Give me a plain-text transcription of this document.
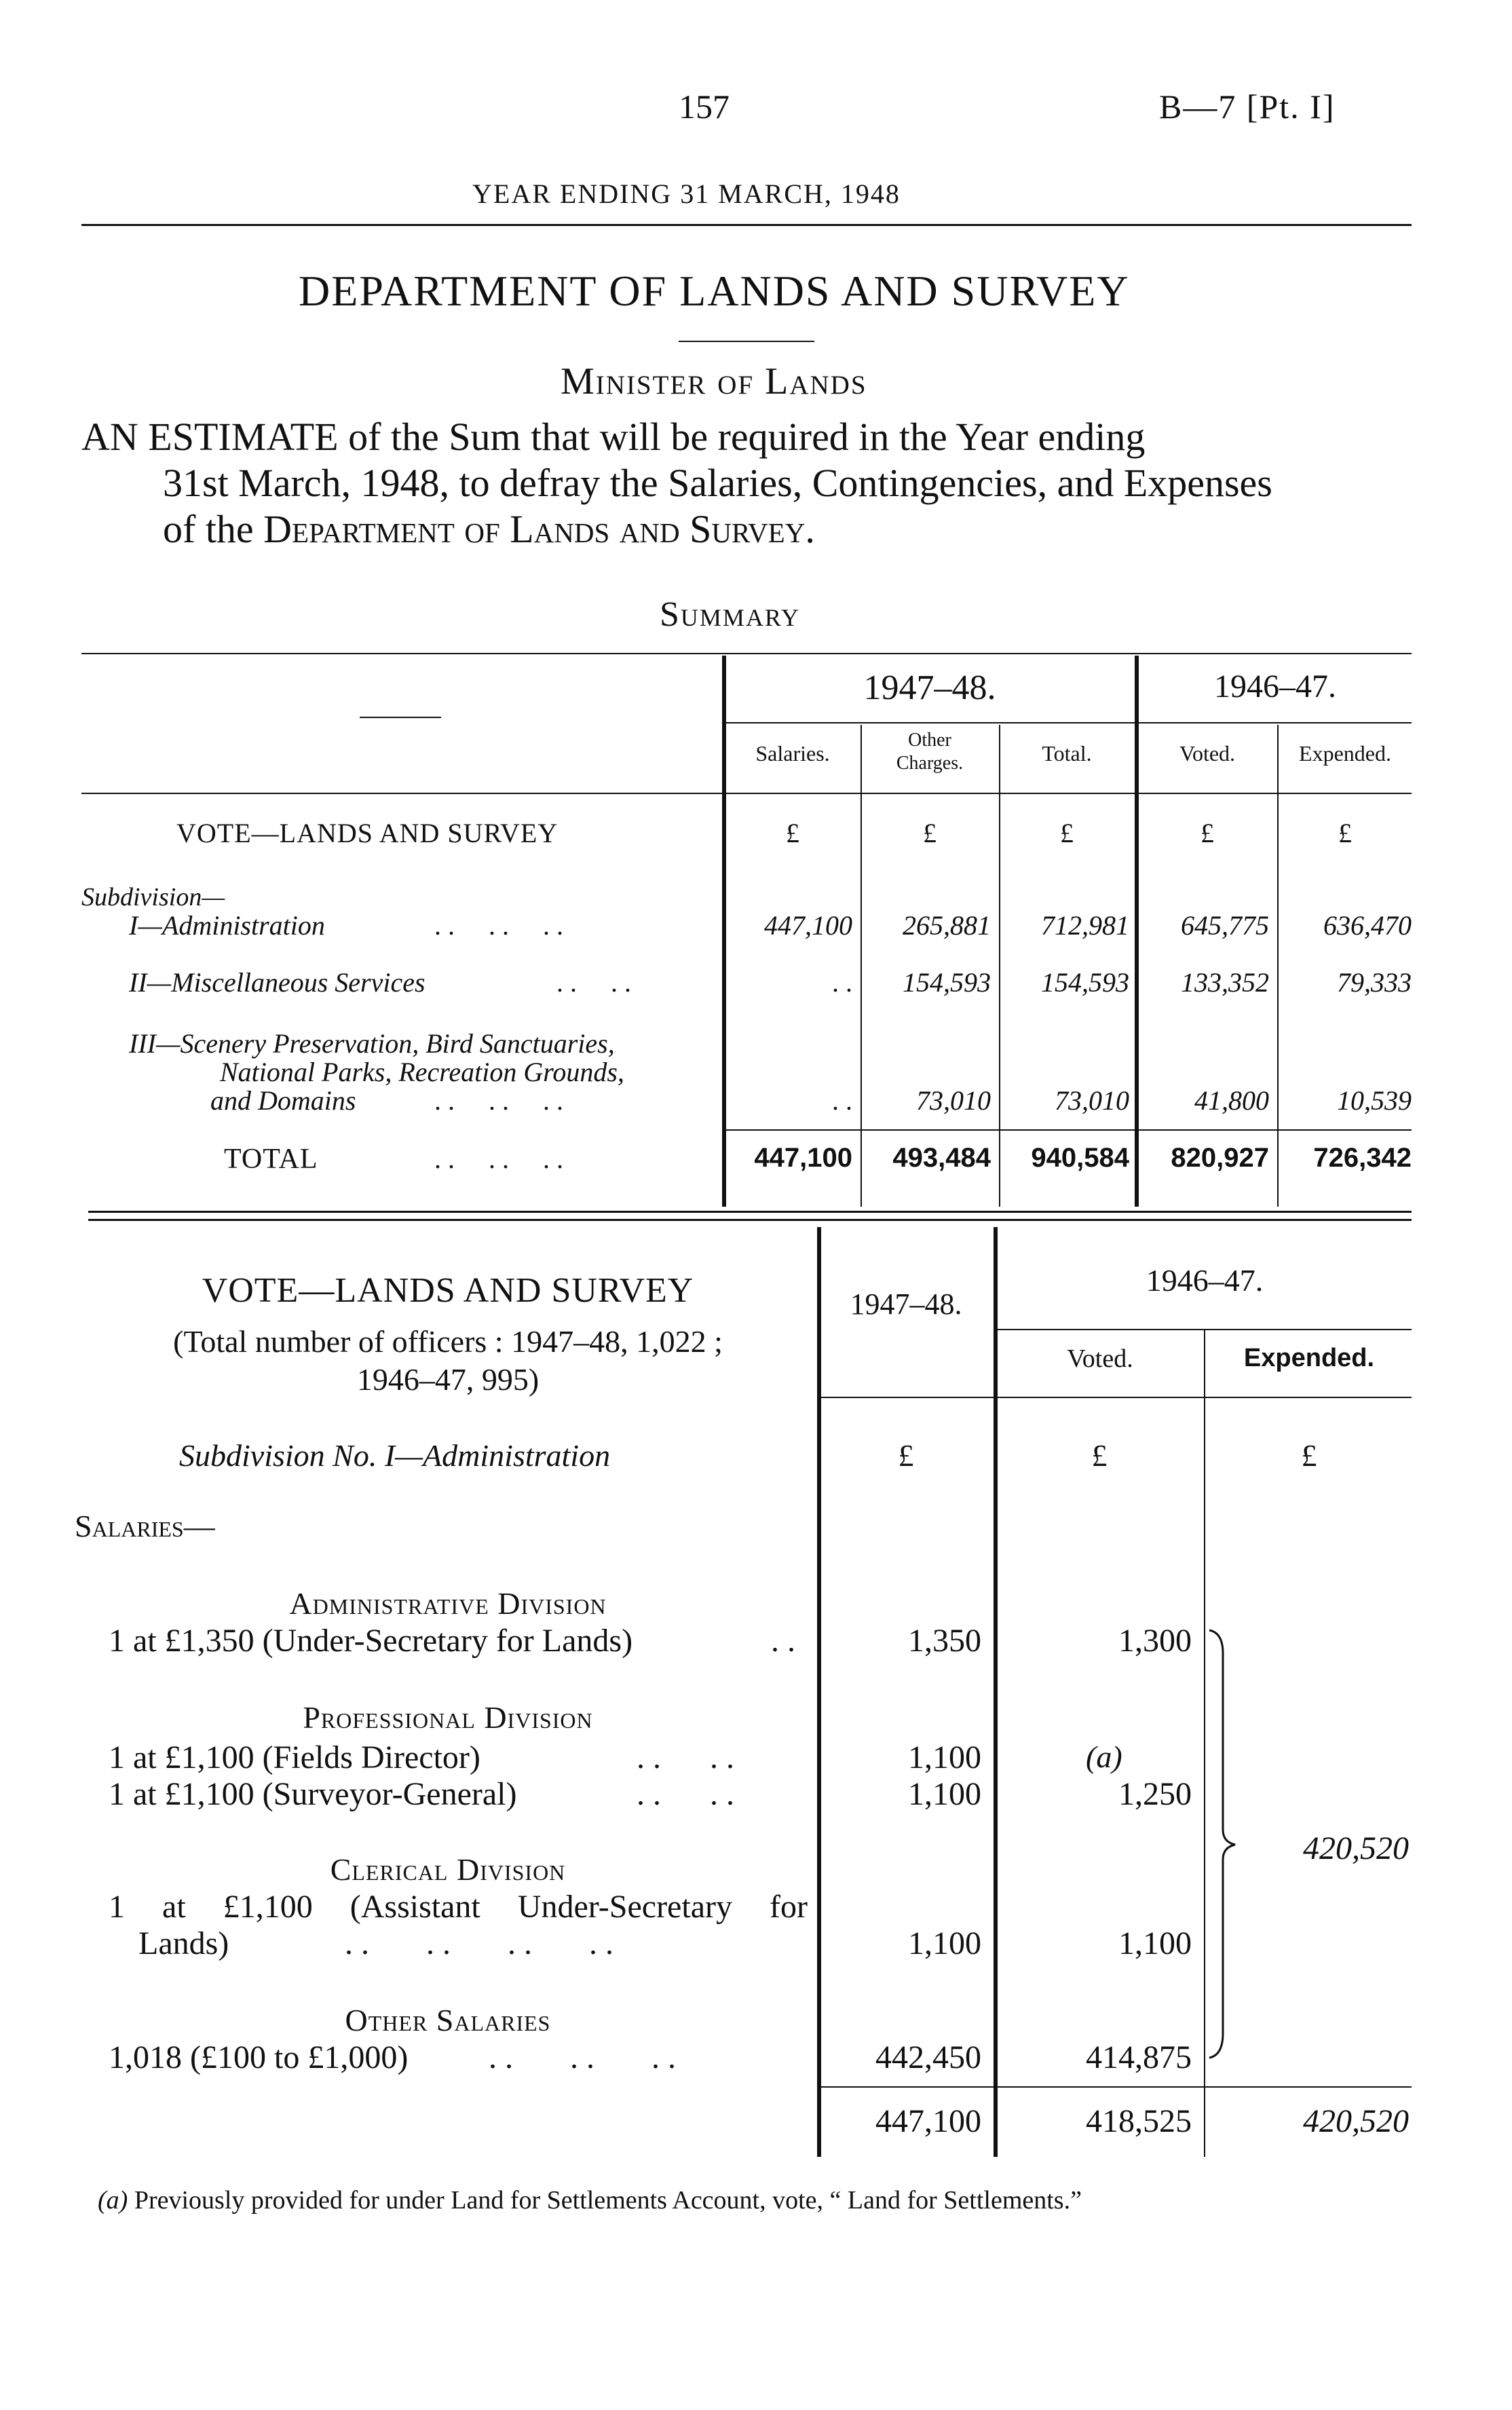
157	B—7 [Pt. I]
YEAR ENDING 31 MARCH, 1948
DEPARTMENT OF LANDS AND SURVEY
Minister of Lands
AN ESTIMATE of the Sum that will be required in the Year ending
31st March, 1948, to defray the Salaries, Contingencies, and Expenses
of the Department of Lands and Survey.
Summary
1947–48.	1946–47.
Salaries.
Other
Charges.	Total.	Voted.	Expended.
VOTE—LANDS AND SURVEY	£	£	£	£	£
Subdivision—
I—Administration	. .     . .     . .	447,100	265,881	712,981	645,775	636,470
II—Miscellaneous Services	. .     . .	. .	154,593	154,593	133,352	79,333
III—Scenery Preservation, Bird Sanctuaries,
National Parks, Recreation Grounds,
and Domains	. .     . .     . .	. .	73,010	73,010	41,800	10,539
TOTAL	. .     . .     . .	447,100	493,484	940,584	820,927	726,342
VOTE—LANDS AND SURVEY
(Total number of officers : 1947–48, 1,022 ;
1946–47, 995)
1947–48.
1946–47.
Voted.	Expended.
Subdivision No. I—Administration	£	£	£
Salaries—
Administrative Division
1 at £1,350 (Under-Secretary for Lands)	. .	1,350	1,300
Professional Division
1 at £1,100 (Fields Director)	. .      . .	1,100	(a)
1 at £1,100 (Surveyor-General)	. .      . .	1,100	1,250
Clerical Division
1 at £1,100 (Assistant Under-Secretary for
Lands)	. .       . .       . .       . .	1,100	1,100
Other Salaries
1,018 (£100 to £1,000) . .       . .       . .	442,450	414,875
420,520
447,100	418,525	420,520
(a) Previously provided for under Land for Settlements Account, vote, “ Land for Settlements.”
